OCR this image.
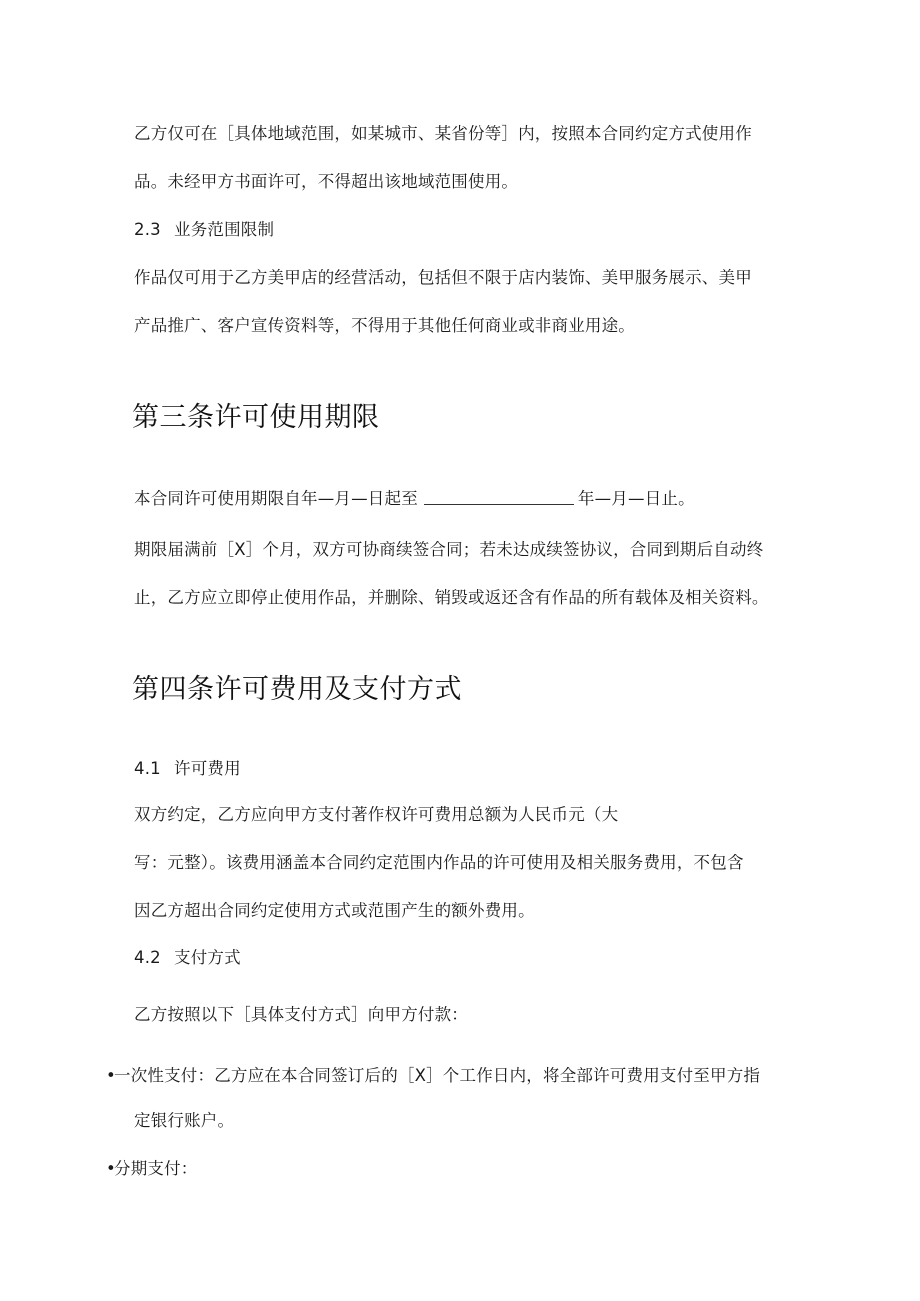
乙方仅可在［具体地域范围，如某城市、某省份等］内，按照本合同约定方式使用作
品。未经甲方书面许可，不得超出该地域范围使用。
2.3 业务范围限制
作品仅可用于乙方美甲店的经营活动，包括但不限于店内装饰、美甲服务展示、美甲
产品推广、客户宣传资料等，不得用于其他任何商业或非商业用途。
第三条许可使用期限
本合同许可使用期限自年—月—日起至	年—月—日止。
期限届满前［X］个月，双方可协商续签合同；若未达成续签协议，合同到期后自动终
止，乙方应立即停止使用作品，并删除、销毁或返还含有作品的所有载体及相关资料。
第四条许可费用及支付方式
4.1 许可费用
双方约定，乙方应向甲方支付著作权许可费用总额为人民币元（大
写：元整）。该费用涵盖本合同约定范围内作品的许可使用及相关服务费用，不包含
因乙方超出合同约定使用方式或范围产生的额外费用。
4.2 支付方式
乙方按照以下［具体支付方式］向甲方付款：
•一次性支付：乙方应在本合同签订后的［X］个工作日内，将全部许可费用支付至甲方指
定银行账户。
•分期支付：
